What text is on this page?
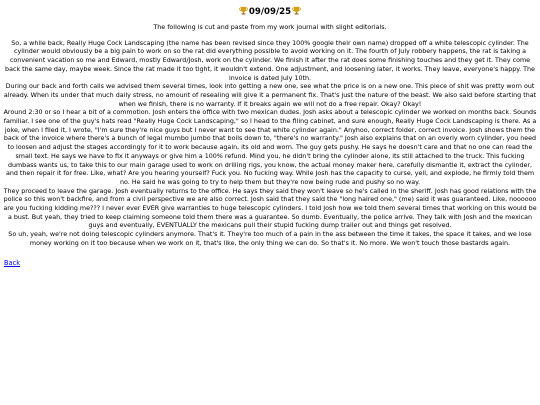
09/09/25
The following is cut and paste from my work journal with slight editorials.

So, a while back, Really Huge Cock Landscaping (the name has been revised since they 100% google their own name) dropped off a white telescopic cylinder. The cylinder would obviously be a big pain to work on so the rat did everything possible to avoid working on it. The fourth of July robbery happens, the rat is taking a convenient vacation so me and Edward, mostly Edward/Josh, work on the cylinder. We finish it after the rat does some finishing touches and they get it. They come back the same day, maybe week. Since the rat made it too tight, it wouldn't extend. One adjustment, and loosening later, it works. They leave, everyone's happy. The invoice is dated July 10th.

During our back and forth calls we advised them several times, look into getting a new one, see what the price is on a new one. This piece of shit was pretty worn out already. When its under that much daily stress, no amount of resealing will give it a permanent fix. That's just the nature of the beast. We also said before starting that when we finish, there is no warranty. If it breaks again we will not do a free repair. Okay? Okay!

Around 2:30 or so I hear a bit of a commotion. Josh enters the office with two mexican dudes. Josh asks about a telescopic cylinder we worked on months back. Sounds familiar. I see one of the guy's hats read "Really Huge Cock Landscaping," so I head to the filing cabinet, and sure enough, Really Huge Cock Landscaping is there. As a joke, when I filed it, I wrote, "I'm sure they're nice guys but I never want to see that white cylinder again." Anyhoo, correct folder, correct invoice. Josh shows them the back of the invoice where there's a bunch of legal mumbo jumbo that boils down to, "there's no warranty." Josh also explains that on an overly worn cylinder, you need to loosen and adjust the stages accordingly for it to work because again, its old and worn. The guy gets pushy. He says he doesn't care and that no one can read the small text. He says we have to fix it anyways or give him a 100% refund. Mind you, he didn't bring the cylinder alone, its still attached to the truck. This fucking dumbass wants us, to take this to our main garage used to work on drilling rigs, you know, the actual money maker here, carefully dismantle it, extract the cylinder, and then repair it for free. Like, what? Are you hearing yourself? Fuck you. No fucking way. While Josh has the capacity to curse, yell, and explode, he firmly told them no. He said he was going to try to help them but they're now being rude and pushy so no way.

They proceed to leave the garage. Josh eventually returns to the office. He says they said they won't leave so he's called in the sheriff. Josh has good relations with the police so this won't backfire, and from a civil perspective we are also correct. Josh said that they said the "long haired one," (me) said it was guaranteed. Like, noooooo are you fucking kidding me??? I never ever EVER give warranties to huge telescopic cylinders. I told Josh how we told them several times that working on this would be a bust. But yeah, they tried to keep claiming someone told them there was a guarantee. So dumb. Eventually, the police arrive. They talk with Josh and the mexican guys and eventually, EVENTUALLY the mexicans pull their stupid fucking dump trailer out and things get resolved.

So uh, yeah, we're not doing telescopic cylinders anymore. That's it. They're too much of a pain in the ass between the time it takes, the space it takes, and we lose money working on it too because when we work on it, that's like, the only thing we can do. So that's it. No more. We won't touch those bastards again.

Back
